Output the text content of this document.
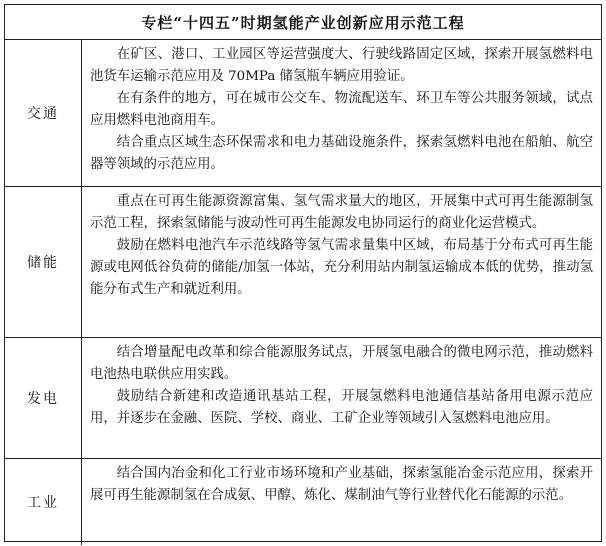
专栏“十四五”时期氢能产业创新应用示范工程
交通

在矿区、港口、工业园区等运营强度大、行驶线路固定区域，探索开展氢燃料电池货车运输示范应用及 70MPa 储氢瓶车辆应用验证。

在有条件的地方，可在城市公交车、物流配送车、环卫车等公共服务领域，试点应用燃料电池商用车。

结合重点区域生态环保需求和电力基础设施条件，探索氢燃料电池在船舶、航空器等领域的示范应用。

储能

重点在可再生能源资源富集、氢气需求量大的地区，开展集中式可再生能源制氢示范工程，探索氢储能与波动性可再生能源发电协同运行的商业化运营模式。

鼓励在燃料电池汽车示范线路等氢气需求量集中区域，布局基于分布式可再生能源或电网低谷负荷的储能/加氢一体站，充分利用站内制氢运输成本低的优势，推动氢能分布式生产和就近利用。

发电

结合增量配电改革和综合能源服务试点，开展氢电融合的微电网示范，推动燃料电池热电联供应用实践。

鼓励结合新建和改造通讯基站工程，开展氢燃料电池通信基站备用电源示范应用，并逐步在金融、医院、学校、商业、工矿企业等领域引入氢燃料电池应用。

工业

结合国内冶金和化工行业市场环境和产业基础，探索氢能冶金示范应用，探索开展可再生能源制氢在合成氨、甲醇、炼化、煤制油气等行业替代化石能源的示范。
